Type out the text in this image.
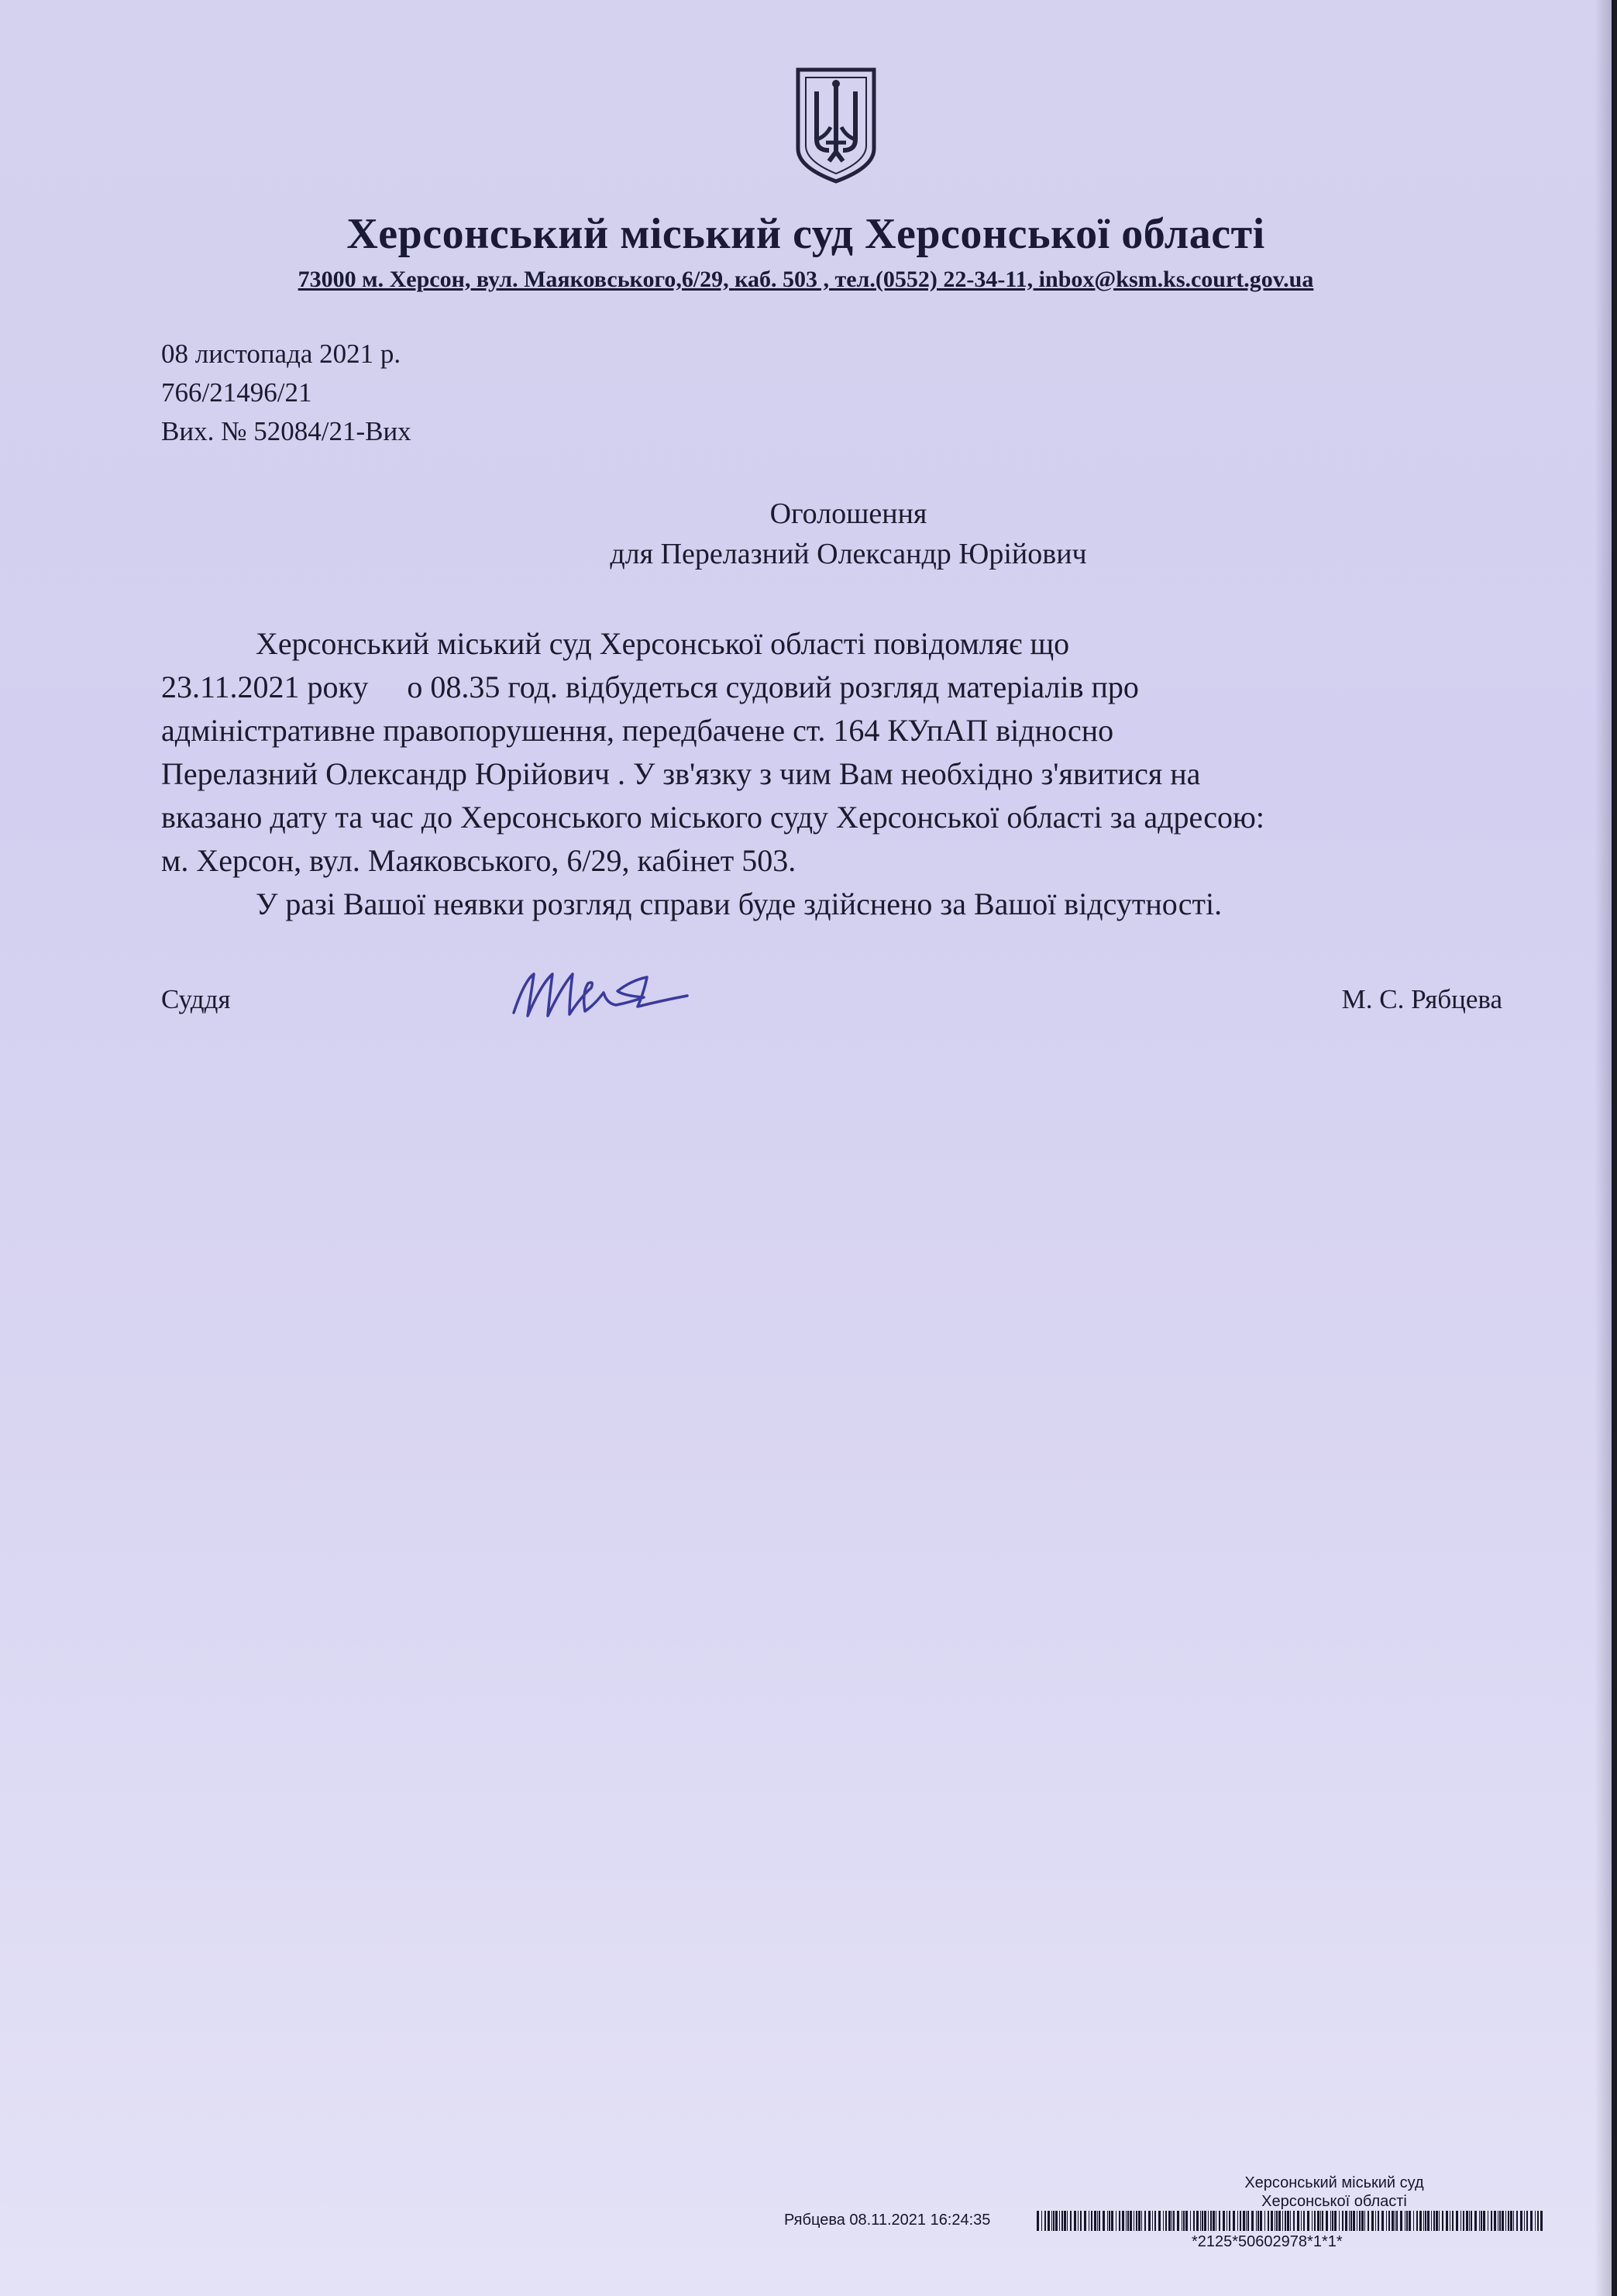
Херсонський міський суд Херсонської області
73000 м. Херсон, вул. Маяковського,6/29, каб. 503 , тел.(0552) 22-34-11, inbox@ksm.ks.court.gov.ua
08 листопада 2021 р.
766/21496/21
Вих. № 52084/21-Вих
Оголошення
для Перелазний Олександр Юрійович

Херсонський міський суд Херсонської області повідомляє що

23.11.2021 року о 08.35 год. відбудеться судовий розгляд матеріалів про

адміністративне правопорушення, передбачене ст. 164 КУпАП відносно

Перелазний Олександр Юрійович . У зв'язку з чим Вам необхідно з'явитися на

вказано дату та час до Херсонського міського суду Херсонської області за адресою:

м. Херсон, вул. Маяковського, 6/29, кабінет 503.

У разі Вашої неявки розгляд справи буде здійснено за Вашої відсутності.

Суддя	М. С. Рябцева
Херсонський міський суд
Херсонської області
Рябцева 08.11.2021 16:24:35
*2125*50602978*1*1*
